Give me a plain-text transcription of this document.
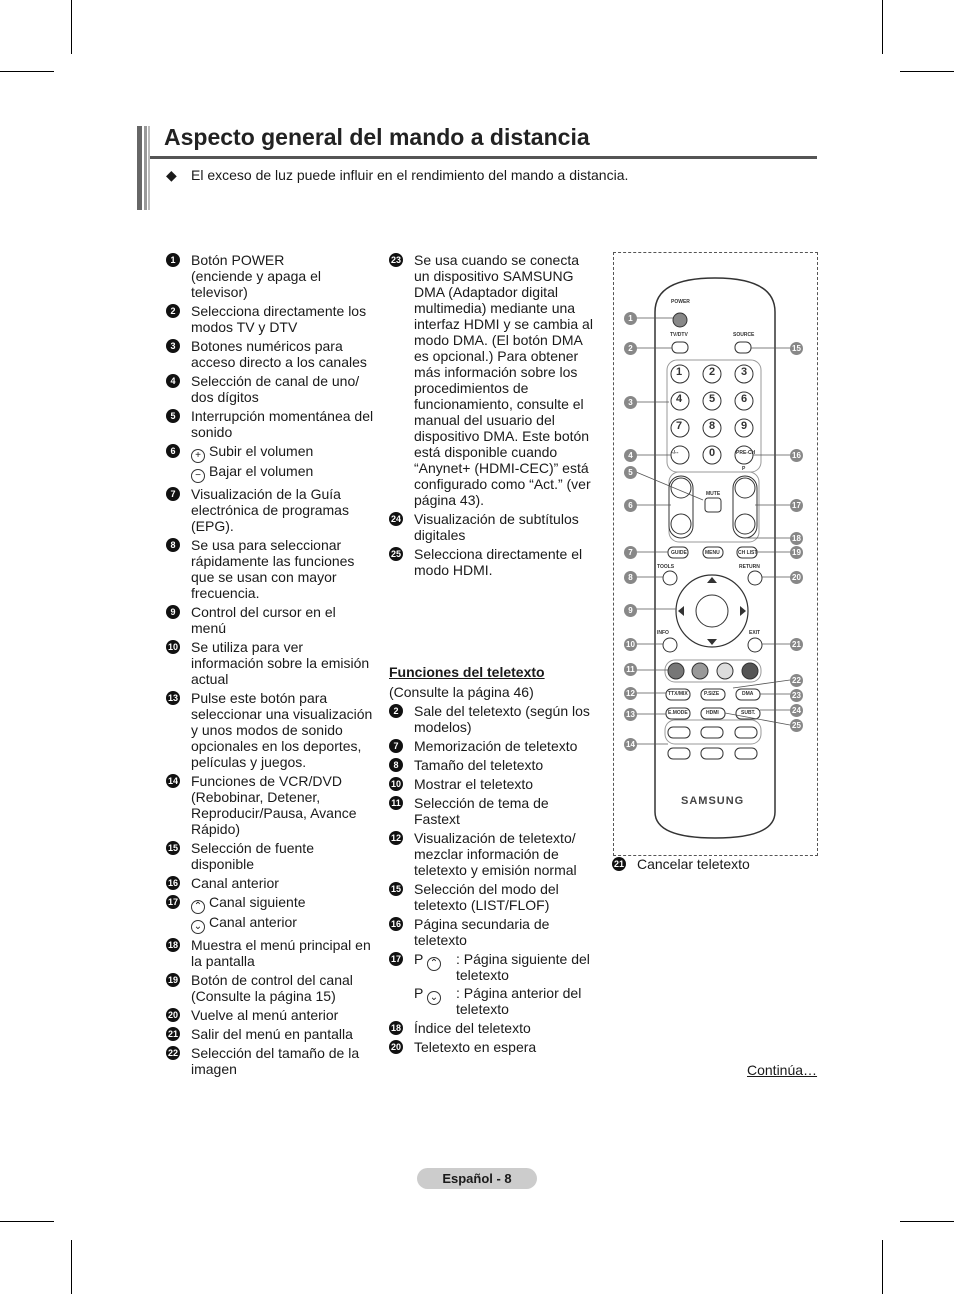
Aspecto general del mando a distancia
◆ El exceso de luz puede influir en el rendimiento del mando a distancia.
1	Botón POWER
(enciende y apaga el televisor)
2	Selecciona directamente los modos TV y DTV
3	Botones numéricos para acceso directo a los canales
4	Selección de canal de uno/ dos dígitos
5	Interrupción momentánea del sonido
6	+ Subir el volumen
− Bajar el volumen
7	Visualización de la Guía electrónica de programas (EPG).
8	Se usa para seleccionar rápidamente las funciones que se usan con mayor frecuencia.
9	Control del cursor en el menú
10 Se utiliza para ver información sobre la emisión actual
13 Pulse este botón para seleccionar una visualización y unos modos de sonido opcionales en los deportes, películas y juegos.
14 Funciones de VCR/DVD (Rebobinar, Detener, Reproducir/Pausa, Avance Rápido)
15 Selección de fuente disponible
16 Canal anterior
17 ⌃ Canal siguiente
⌄ Canal anterior
18 Muestra el menú principal en la pantalla
19 Botón de control del canal (Consulte la página 15)
20 Vuelve al menú anterior
21 Salir del menú en pantalla
22 Selección del tamaño de la imagen
23 Se usa cuando se conecta un dispositivo SAMSUNG DMA (Adaptador digital multimedia) mediante una interfaz HDMI y se cambia al modo DMA. (El botón DMA es opcional.) Para obtener más información sobre los procedimientos de funcionamiento, consulte el manual del usuario del dispositivo DMA. Este botón está disponible cuando “Anynet+ (HDMI-CEC)” está configurado como “Act.” (ver página 43).
24 Visualización de subtítulos digitales
25 Selecciona directamente el modo HDMI.
Funciones del teletexto
(Consulte la página 46)
2	Sale del teletexto (según los modelos)
7	Memorización de teletexto
8	Tamaño del teletexto
10 Mostrar el teletexto
11 Selección de tema de Fastext
12 Visualización de teletexto/ mezclar información de teletexto y emisión normal
15 Selección del modo del teletexto (LIST/FLOF)
16 Página secundaria de teletexto
17 P ⌃	: Página siguiente del teletexto
P ⌄	: Página anterior del teletexto
18 Índice del teletexto
20 Teletexto en espera
POWER
TV/DTV	SOURCE
1 2 3
4 5 6
7 8 9
-/--	0	PRE-CH
P
MUTE
GUIDE	MENU	CH LIST
TOOLS	RETURN
INFO	EXIT
TTX/MIX	P.SIZE	DMA
E.MODE	HDMI	SUBT.
SAMSUNG
1
2
3
4
5
6
7
8
9
10
11
12
13
14
15
16
17
18
19
20
21
22
23
24
25
21 Cancelar teletexto
Continúa…
Español - 8
